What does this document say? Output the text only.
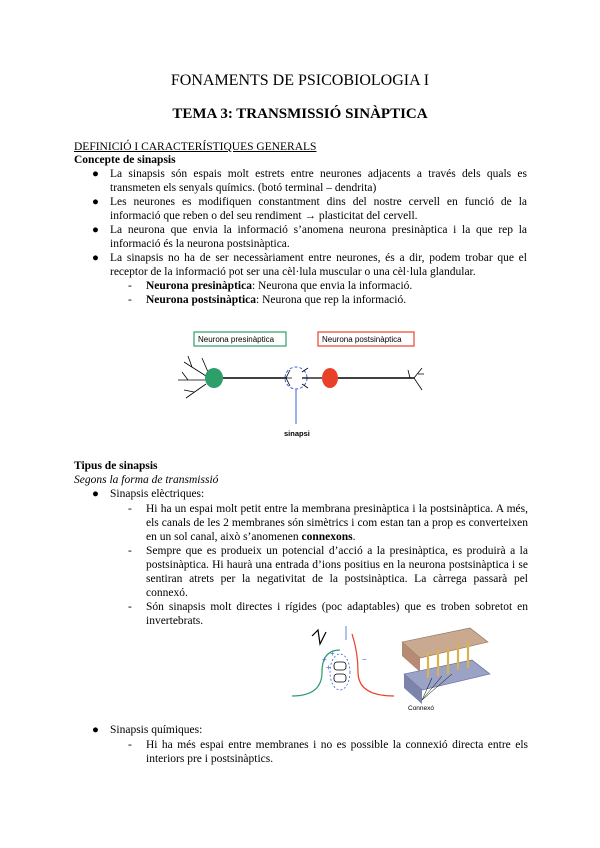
FONAMENTS DE PSICOBIOLOGIA I
TEMA 3: TRANSMISSIÓ SINÀPTICA
DEFINICIÓ I CARACTERÍSTIQUES GENERALS
Concepte de sinapsis
● La sinapsis són espais molt estrets entre neurones adjacents a través dels quals es transmeten els senyals químics. (botó terminal – dendrita)
● Les neurones es modifiquen constantment dins del nostre cervell en funció de la informació que reben o del seu rendiment → plasticitat del cervell.
● La neurona que envia la informació s’anomena neurona presinàptica i la que rep la informació és la neurona postsinàptica.
● La sinapsis no ha de ser necessàriament entre neurones, és a dir, podem trobar que el receptor de la informació pot ser una cèl·lula muscular o una cèl·lula glandular.
- Neurona presinàptica: Neurona que envia la informació.
- Neurona postsinàptica: Neurona que rep la informació.
Neurona presinàptica	Neurona postsinàptica
sinapsi
Tipus de sinapsis
Segons la forma de transmissió
● Sinapsis elèctriques:
- Hi ha un espai molt petit entre la membrana presinàptica i la postsinàptica. A més, els canals de les 2 membranes són simètrics i com estan tan a prop es converteixen en un sol canal, això s’anomenen connexons.
- Sempre que es produeix un potencial d’acció a la presinàptica, es produirà a la postsinàptica. Hi haurà una entrada d’ions positius en la neurona postsinàptica i se sentiran atrets per la negativitat de la postsinàptica. La càrrega passarà pel connexó.
- Són sinapsis molt directes i rígides (poc adaptables) que es troben sobretot en invertebrats.
+
+
+
−
Connexó
● Sinapsis químiques:
- Hi ha més espai entre membranes i no es possible la connexió directa entre els interiors pre i postsinàptics.
